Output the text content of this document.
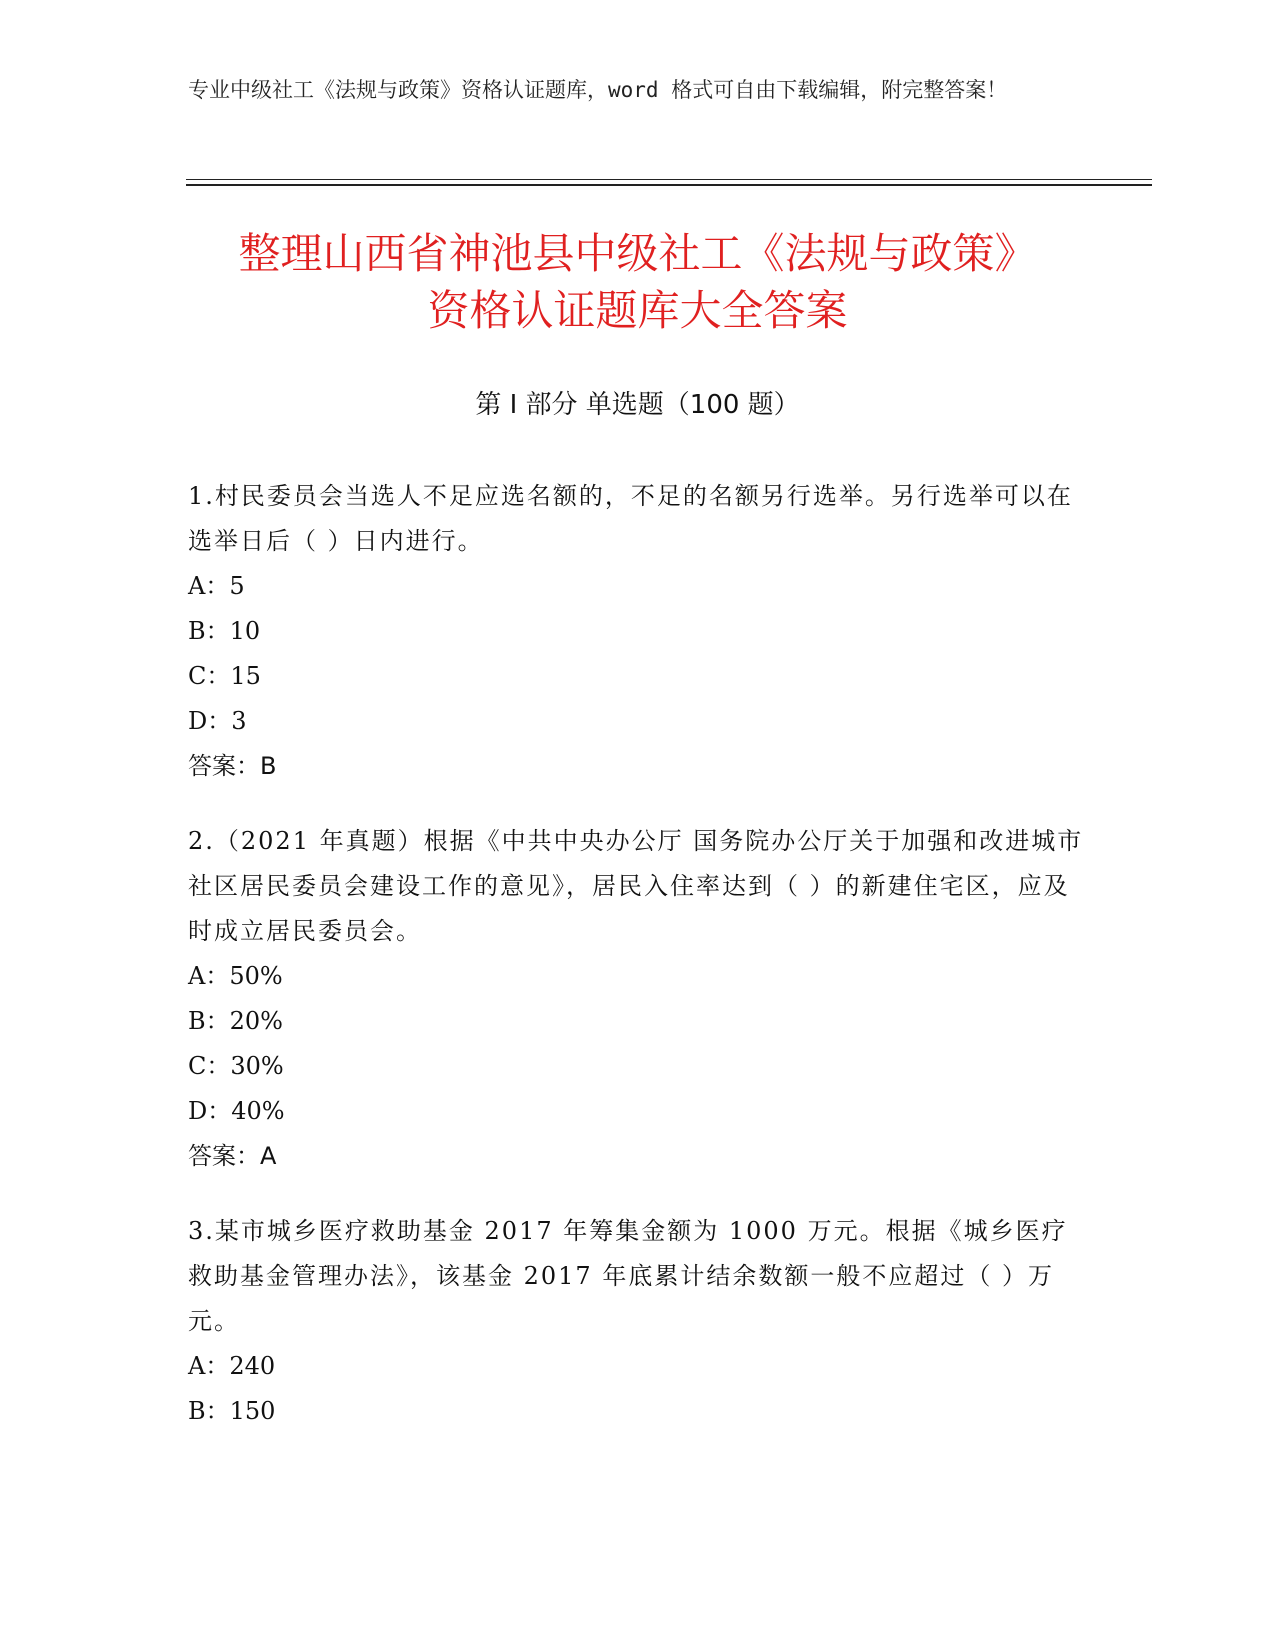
专业中级社工《法规与政策》资格认证题库，word 格式可自由下载编辑，附完整答案！
整理山西省神池县中级社工《法规与政策》
资格认证题库大全答案
第 I 部分 单选题（100 题）
1.村民委员会当选人不足应选名额的，不足的名额另行选举。另行选举可以在选举日后（ ）日内进行。
A：5
B：10
C：15
D：3
答案：B
2.（2021 年真题）根据《中共中央办公厅 国务院办公厅关于加强和改进城市社区居民委员会建设工作的意见》，居民入住率达到（ ）的新建住宅区，应及时成立居民委员会。
A：50%
B：20%
C：30%
D：40%
答案：A
3.某市城乡医疗救助基金 2017 年筹集金额为 1000 万元。根据《城乡医疗救助基金管理办法》，该基金 2017 年底累计结余数额一般不应超过（ ）万元。
A：240
B：150
